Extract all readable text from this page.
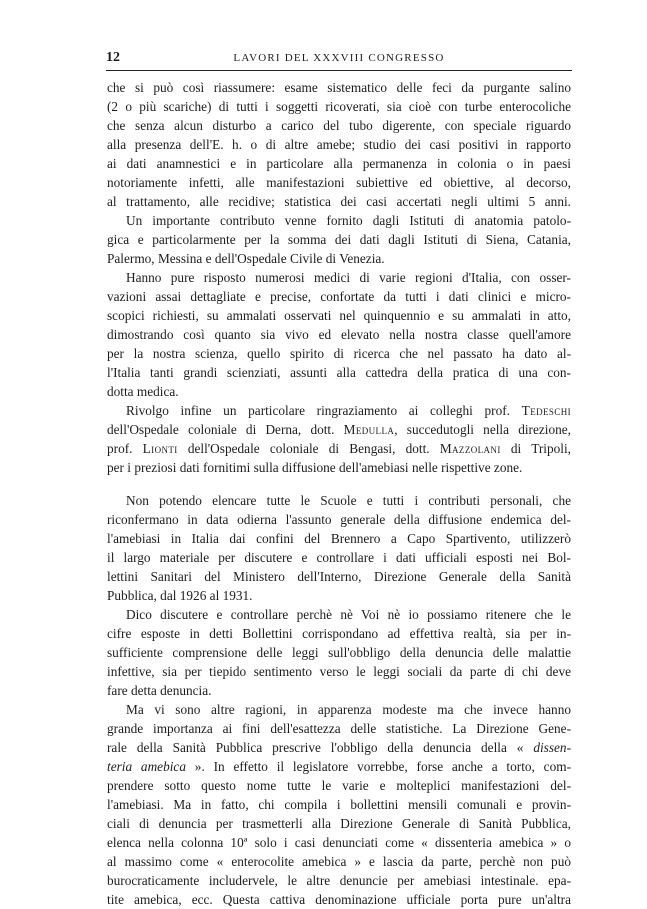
12	LAVORI DEL XXXVIII CONGRESSO

che si può così riassumere: esame sistematico delle feci da purgante salino
(2 o più scariche) di tutti i soggetti ricoverati, sia cioè con turbe enterocoliche
che senza alcun disturbo a carico del tubo digerente, con speciale riguardo
alla presenza dell'E. h. o di altre amebe; studio dei casi positivi in rapporto
ai dati anamnestici e in particolare alla permanenza in colonia o in paesi
notoriamente infetti, alle manifestazioni subiettive ed obiettive, al decorso,
al trattamento, alle recidive; statistica dei casi accertati negli ultimi 5 anni.

Un importante contributo venne fornito dagli Istituti di anatomia patolo-
gica e particolarmente per la somma dei dati dagli Istituti di Siena, Catania,
Palermo, Messina e dell'Ospedale Civile di Venezia.

Hanno pure risposto numerosi medici di varie regioni d'Italia, con osser-
vazioni assai dettagliate e precise, confortate da tutti i dati clinici e micro-
scopici richiesti, su ammalati osservati nel quinquennio e su ammalati in atto,
dimostrando così quanto sia vivo ed elevato nella nostra classe quell'amore
per la nostra scienza, quello spirito di ricerca che nel passato ha dato al-
l'Italia tanti grandi scienziati, assunti alla cattedra della pratica di una con-
dotta medica.

Rivolgo infine un particolare ringraziamento ai colleghi prof. Tedeschi
dell'Ospedale coloniale di Derna, dott. Medulla, succedutogli nella direzione,
prof. Lionti dell'Ospedale coloniale di Bengasi, dott. Mazzolani di Tripoli,
per i preziosi dati fornitimi sulla diffusione dell'amebiasi nelle rispettive zone.

Non potendo elencare tutte le Scuole e tutti i contributi personali, che
riconfermano in data odierna l'assunto generale della diffusione endemica del-
l'amebiasi in Italia dai confini del Brennero a Capo Spartivento, utilizzerò
il largo materiale per discutere e controllare i dati ufficiali esposti nei Bol-
lettini Sanitari del Ministero dell'Interno, Direzione Generale della Sanità
Pubblica, dal 1926 al 1931.

Dico discutere e controllare perchè nè Voi nè io possiamo ritenere che le
cifre esposte in detti Bollettini corrispondano ad effettiva realtà, sia per in-
sufficiente comprensione delle leggi sull'obbligo della denuncia delle malattie
infettive, sia per tiepido sentimento verso le leggi sociali da parte di chi deve
fare detta denuncia.

Ma vi sono altre ragioni, in apparenza modeste ma che invece hanno
grande importanza ai fini dell'esattezza delle statistiche. La Direzione Gene-
rale della Sanità Pubblica prescrive l'obbligo della denuncia della « dissen-
teria amebica ». In effetto il legislatore vorrebbe, forse anche a torto, com-
prendere sotto questo nome tutte le varie e molteplici manifestazioni del-
l'amebiasi. Ma in fatto, chi compila i bollettini mensili comunali e provin-
ciali di denuncia per trasmetterli alla Direzione Generale di Sanità Pubblica,
elenca nella colonna 10ª solo i casi denunciati come « dissenteria amebica » o
al massimo come « enterocolite amebica » e lascia da parte, perchè non può
burocraticamente includervele, le altre denuncie per amebiasi intestinale. epa-
tite amebica, ecc. Questa cattiva denominazione ufficiale porta pure un'altra
